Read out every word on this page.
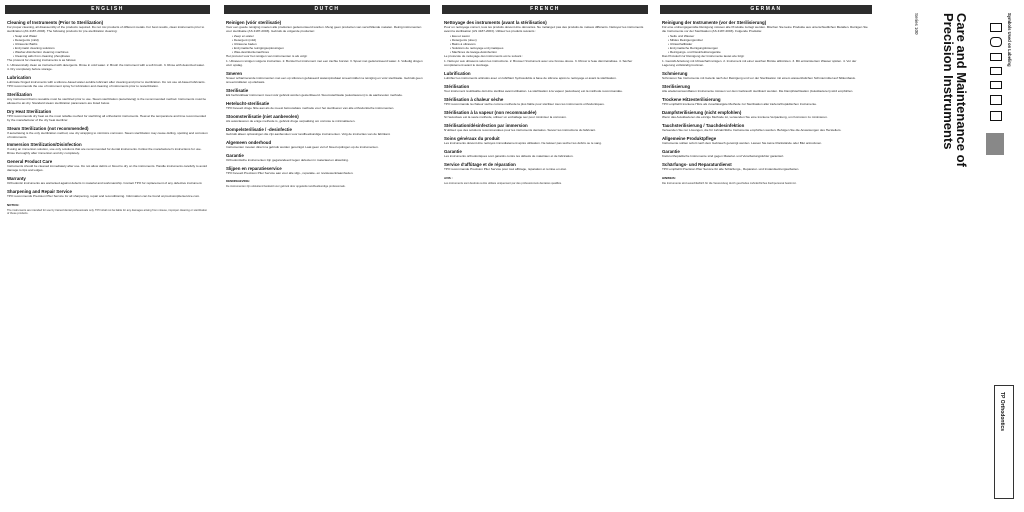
ENGLISH
Cleaning of Instruments (Prior to Sterilization)
For proper cleaning, all disassembly of the products required. Do not mix products of different metals. For best results, clean instruments prior to sterilization (AS 4187-2003). The following products for pre-sterilization cleaning:
• Soap and Water
• Detergents (mild)
• Ultrasonic Baths
• Enzymatic cleaning solutions
• Washer-disinfection cleaning machines
• Cleaning aids from cleaning phosphates
The protocol for cleaning instruments is as follows:
1. Ultrasonically clean as instructed with detergents. Rinse in cold water. 2. Brush the instrument with a soft brush. 3. Rinse with deionized water. 4. Dry completely before storage.
Lubrication
Lubricate hinged instruments with a silicone-based water-soluble lubricant after cleaning and prior to sterilization. Do not use oil-based lubricants. TPO recommends the use of instrument spray for lubrication and cleaning of instruments prior to resterilization.
Sterilization
Any instrument that is reusable must be sterilized prior to use. Steam sterilization (autoclaving) is the recommended method. Instruments must be allowed to air-dry. Standard steam sterilization parameters are listed below.
Dry Heat Sterilization
TPO recommends dry heat as the most reliable method for sterilizing all orthodontic instruments. Heat at the temperature and time recommended by the manufacturer of the dry heat sterilizer.
Steam Sterilization (not recommended)
If autoclaving is the only sterilization method, use dry wrapping to minimize corrosion. Steam sterilization may cause dulling, spotting and corrosion of instruments.
Immersion Sterilization/Disinfection
If using an immersion solution, use only solutions that are recommended for dental instruments. Follow the manufacturer's instructions for use. Rinse thoroughly after immersion and dry completely.
General Product Care
Instruments should be cleaned immediately after use. Do not allow debris or blood to dry on the instruments. Handle instruments carefully to avoid damage to tips and edges.
Warranty
Orthodontic instruments are warranted against defects in material and workmanship. Contact TPO for replacement of any defective instrument.
Sharpening and Repair Service
TPO recommends Precision Plier Service for all sharpening, repair and reconditioning. Information can be found at precisionplierservice.com.
NOTICE:
The instruments are intended for use by trained dental professionals only. TPO shall not be liable for any damages arising from misuse, improper cleaning or sterilization of these products.
DUTCH
Reinigen (vóór sterilisatie)
Voor een goede reiniging moeten alle producten gedemonteerd worden. Meng geen producten van verschillende metalen. Reinig instrumenten voor sterilisatie (AS 4187-2003). Gebruik de volgende producten:
• Zeep en water
• Detergent (mild)
• Ultrasone baden
• Enzymatische reinigingsoplossingen
• Was-desinfectiemachines
Het protocol voor het reinigen van instrumenten is als volgt:
1. Ultrasoon reinigen volgens instructies. 2. Borstel het instrument met een zachte borstel. 3. Spoel met gedeïoniseerd water. 4. Volledig drogen vóór opslag.
Smeren
Smeer scharnierende instrumenten met een op siliconen gebaseerd wateroplosbaar smeermiddel na reiniging en vóór sterilisatie. Gebruik geen smeermiddelen op oliebasis.
Sterilisatie
Elk herbruikbaar instrument moet vóór gebruik worden gesteriliseerd. Stoomsterilisatie (autoclaveren) is de aanbevolen methode.
Hetelucht-sterilisatie
TPO beveelt droge hitte aan als de meest betrouwbare methode voor het steriliseren van alle orthodontische instrumenten.
Stoomsterilisatie (niet aanbevolen)
Als autoclaveren de enige methode is, gebruik droge verpakking om corrosie te minimaliseren.
Dompelsterilisatie / -desinfectie
Gebruik alleen oplossingen die zijn aanbevolen voor tandheelkundige instrumenten. Volg de instructies van de fabrikant.
Algemeen onderhoud
Instrumenten moeten direct na gebruik worden gereinigd. Laat geen vuil of bloed opdrogen op de instrumenten.
Garantie
Orthodontische instrumenten zijn gegarandeerd tegen defecten in materiaal en afwerking.
Slijpen en reparatieservice
TPO beveelt Precision Plier Service aan voor alle slijp-, reparatie- en revisiewerkzaamheden.
KENNISGEVING:
De instrumenten zijn uitsluitend bedoeld voor gebruik door opgeleide tandheelkundige professionals.
FRENCH
Nettoyage des instruments (avant la stérilisation)
Pour un nettoyage correct, tous les produits doivent être démontés. Ne mélangez pas des produits de métaux différents. Nettoyez les instruments avant la stérilisation (AS 4187-2003). Utilisez les produits suivants :
• Eau et savon
• Détergents (doux)
• Bains à ultrasons
• Solutions de nettoyage enzymatiques
• Machines de lavage-désinfection
Le protocole de nettoyage des instruments est le suivant :
1. Nettoyer aux ultrasons selon les instructions. 2. Brosser l'instrument avec une brosse douce. 3. Rincer à l'eau déminéralisée. 4. Sécher complètement avant le stockage.
Lubrification
Lubrifiez les instruments articulés avec un lubrifiant hydrosoluble à base de silicone après le nettoyage et avant la stérilisation.
Stérilisation
Tout instrument réutilisable doit être stérilisé avant utilisation. La stérilisation à la vapeur (autoclave) est la méthode recommandée.
Stérilisation à chaleur sèche
TPO recommande la chaleur sèche comme méthode la plus fiable pour stériliser tous les instruments orthodontiques.
Stérilisation à la vapeur (non recommandée)
Si l'autoclave est la seule méthode, utilisez un emballage sec pour minimiser la corrosion.
Stérilisation/désinfection par immersion
N'utilisez que des solutions recommandées pour les instruments dentaires. Suivez les instructions du fabricant.
Soins généraux du produit
Les instruments doivent être nettoyés immédiatement après utilisation. Ne laissez pas sécher les débris ou le sang.
Garantie
Les instruments orthodontiques sont garantis contre les défauts de matériaux et de fabrication.
Service d'affûtage et de réparation
TPO recommande Precision Plier Service pour tout affûtage, réparation et remise en état.
AVIS :
Les instruments sont destinés à être utilisés uniquement par des professionnels dentaires qualifiés.
GERMAN
Reinigung der Instrumente (vor der Sterilisierung)
Für eine ordnungsgemäße Reinigung müssen alle Produkte zerlegt werden. Mischen Sie keine Produkte aus unterschiedlichen Metallen. Reinigen Sie die Instrumente vor der Sterilisation (AS 4187-2003). Folgende Produkte:
• Seife und Wasser
• Mildes Reinigungsmittel
• Ultraschallbäder
• Enzymatische Reinigungslösungen
• Reinigungs- und Desinfektionsgeräte
Das Protokoll zur Reinigung der Instrumente lautet wie folgt:
1. Gemäß Anleitung mit Ultraschall reinigen. 2. Instrument mit einer weichen Bürste abbürsten. 3. Mit entionisiertem Wasser spülen. 4. Vor der Lagerung vollständig trocknen.
Schmierung
Schmieren Sie Instrumente mit Gelenk nach der Reinigung und vor der Sterilisation mit einem wasserlöslichen Schmiermittel auf Silikonbasis.
Sterilisierung
Alle wiederverwendbaren Instrumente müssen vor dem Gebrauch sterilisiert werden. Die Dampfsterilisation (Autoklavieren) wird empfohlen.
Trockene Hitzesterilisierung
TPO empfiehlt trockene Hitze als zuverlässigste Methode zur Sterilisation aller kieferorthopädischen Instrumente.
Dampfsterilisierung (nicht empfohlen)
Wenn das Autoklavieren die einzige Methode ist, verwenden Sie eine trockene Verpackung, um Korrosion zu minimieren.
Tauchsterilisierung / Tauchdesinfektion
Verwenden Sie nur Lösungen, die für zahnärztliche Instrumente empfohlen werden. Befolgen Sie die Anweisungen des Herstellers.
Allgemeine Produktpflege
Instrumente sollten sofort nach dem Gebrauch gereinigt werden. Lassen Sie keine Rückstände oder Blut antrocknen.
Garantie
Kieferorthopädische Instrumente sind gegen Material- und Verarbeitungsfehler garantiert.
Schärfungs- und Reparaturdienst
TPO empfiehlt Precision Plier Service für alle Schärfungs-, Reparatur- und Instandsetzungsarbeiten.
HINWEIS:
Die Instrumente sind ausschließlich für die Verwendung durch geschultes zahnärztliches Fachpersonal bestimmt.
Series 100	Care and Maintenance of Precision Instruments	Symbols Used on Labeling
TP Orthodontics
